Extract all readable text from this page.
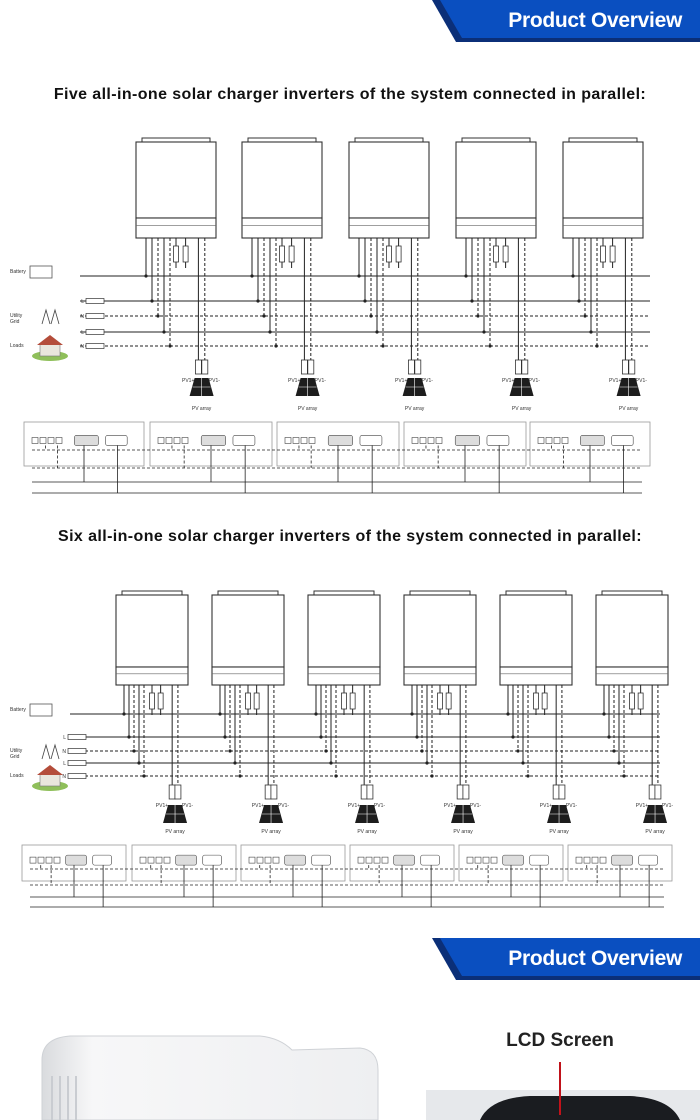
Product Overview
Five all-in-one solar charger inverters of the system connected in parallel:
PV1+	PV1-
PV array
PV1+	PV1-
PV array
PV1+	PV1-
PV array
PV1+	PV1-
PV array
PV1+	PV1-
PV array
Battery
Utility
Grid
Loads
L
N
L
N
Six all-in-one solar charger inverters of the system connected in parallel:
PV1+	PV1-
PV array
PV1+	PV1-
PV array
PV1+	PV1-
PV array
PV1+	PV1-
PV array
PV1+	PV1-
PV array
PV1+	PV1-
PV array
Battery
Utility
Grid
Loads
L
N
L
N
Product Overview
LCD Screen
